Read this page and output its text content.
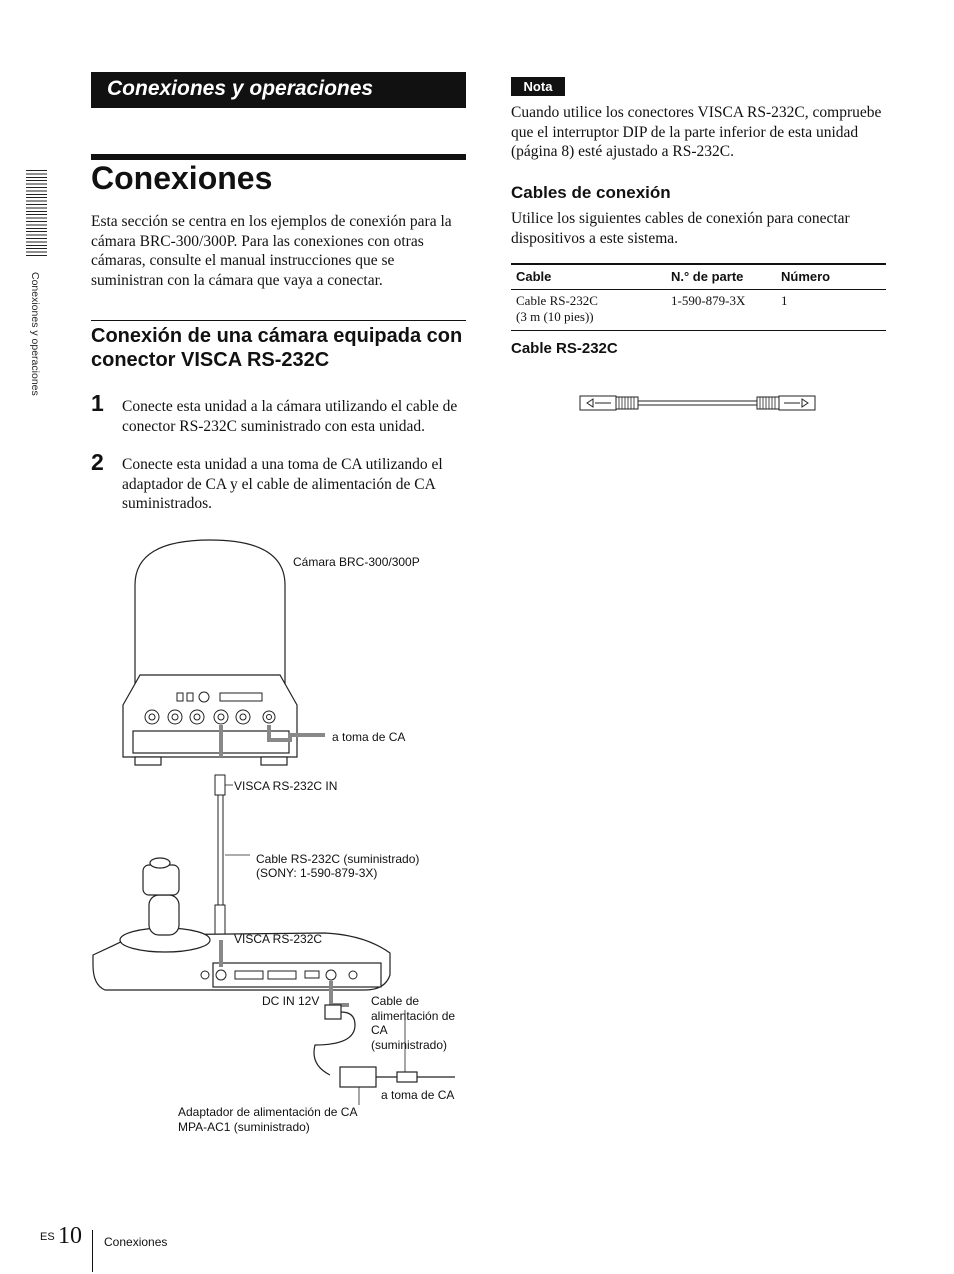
Conexiones y operaciones
Conexiones y operaciones
Conexiones
Esta sección se centra en los ejemplos de conexión para la cámara BRC-300/300P. Para las conexiones con otras cámaras, consulte el manual instrucciones que se suministran con la cámara que vaya a conectar.
Conexión de una cámara equipada con conector VISCA RS-232C
1 Conecte esta unidad a la cámara utilizando el cable de conector RS-232C suministrado con esta unidad.
2 Conecte esta unidad a una toma de CA utilizando el adaptador de CA y el cable de alimentación de CA suministrados.
Nota
Cuando utilice los conectores VISCA RS-232C, compruebe que el interruptor DIP de la parte inferior de esta unidad (página 8) esté ajustado a RS-232C.
Cables de conexión
Utilice los siguientes cables de conexión para conectar dispositivos a este sistema.
Cable	N.° de parte	Número
Cable RS-232C
(3 m (10 pies))	1-590-879-3X	1
Cable RS-232C
Cámara BRC-300/300P
a toma de CA
VISCA RS-232C IN
Cable RS-232C (suministrado)
(SONY: 1-590-879-3X)
VISCA RS-232C
DC IN 12V	Cable de
alimentación de
CA
(suministrado)
a toma de CA
Adaptador de alimentación de CA
MPA-AC1 (suministrado)
ES 10 Conexiones
